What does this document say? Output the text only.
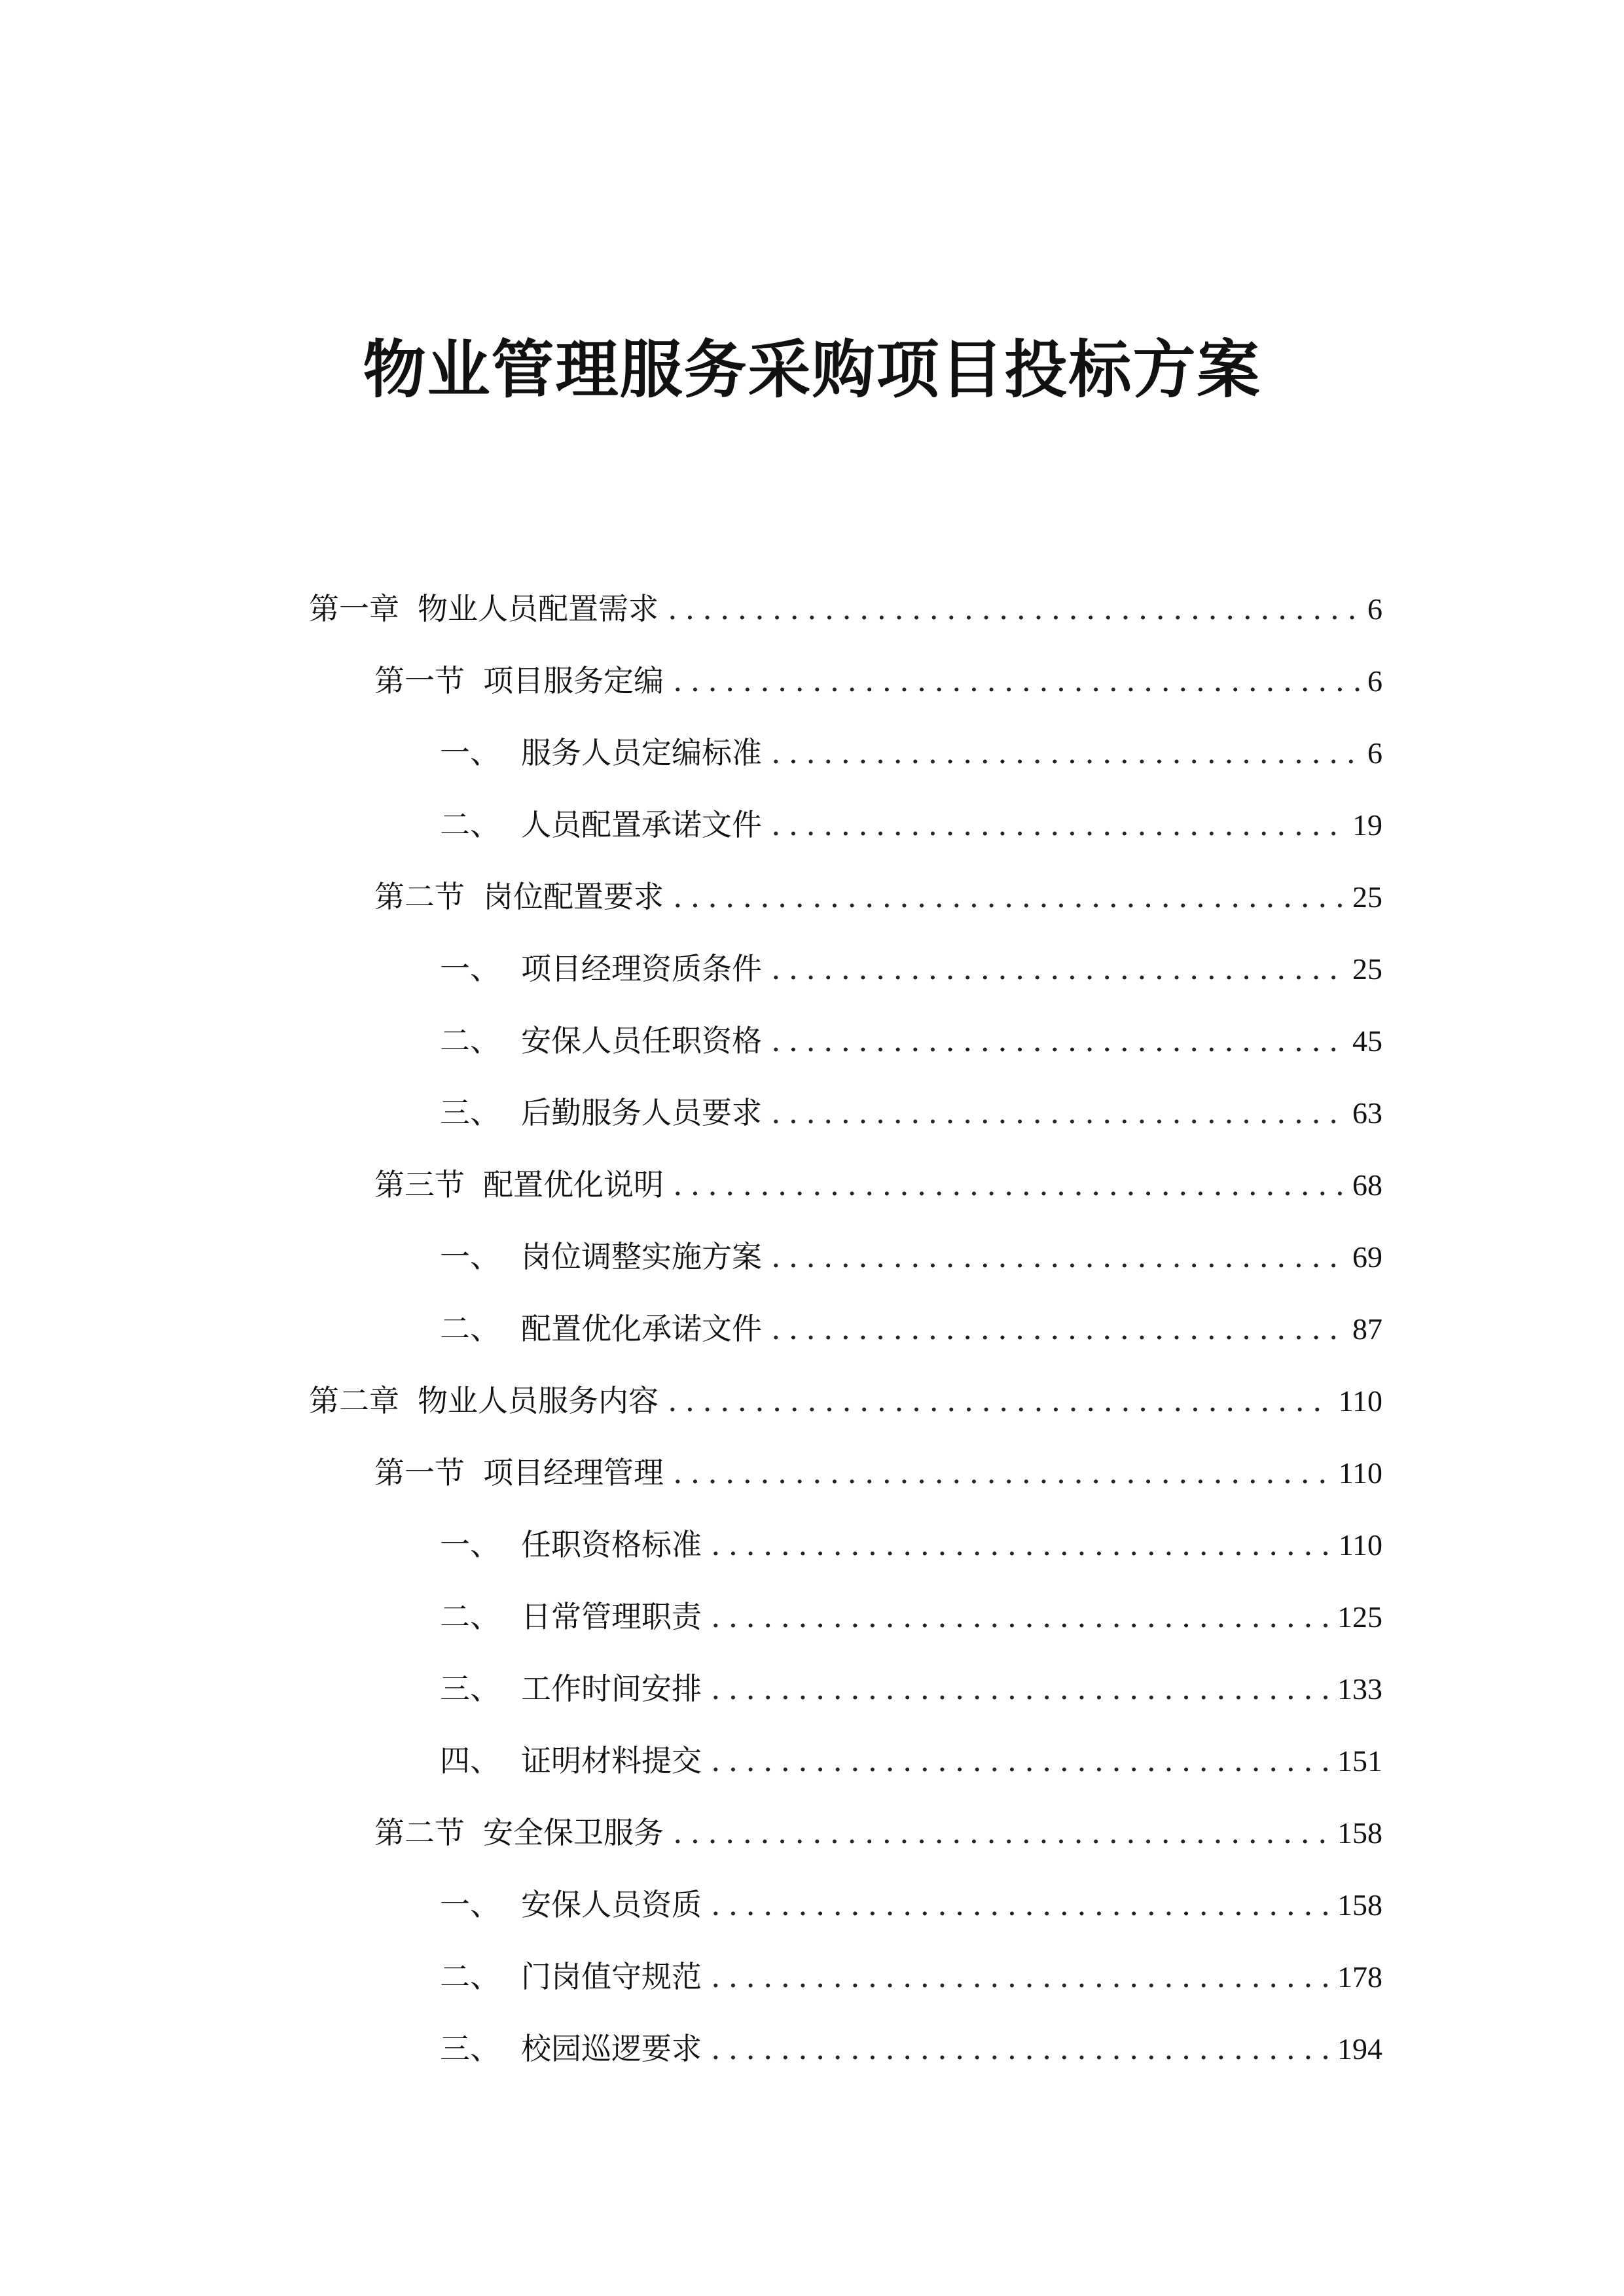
物业管理服务采购项目投标方案
第一章 物业人员配置需求 .....	6
第一节 项目服务定编 .....	6
一、 服务人员定编标准 .....	6
二、 人员配置承诺文件 .....	19
第二节 岗位配置要求 .....	25
一、 项目经理资质条件 .....	25
二、 安保人员任职资格 .....	45
三、 后勤服务人员要求 .....	63
第三节 配置优化说明 .....	68
一、 岗位调整实施方案 .....	69
二、 配置优化承诺文件 .....	87
第二章 物业人员服务内容 .....	110
第一节 项目经理管理 .....	110
一、 任职资格标准 .....	110
二、 日常管理职责 .....	125
三、 工作时间安排 .....	133
四、 证明材料提交 .....	151
第二节 安全保卫服务 .....	158
一、 安保人员资质 .....	158
二、 门岗值守规范 .....	178
三、 校园巡逻要求 .....	194
